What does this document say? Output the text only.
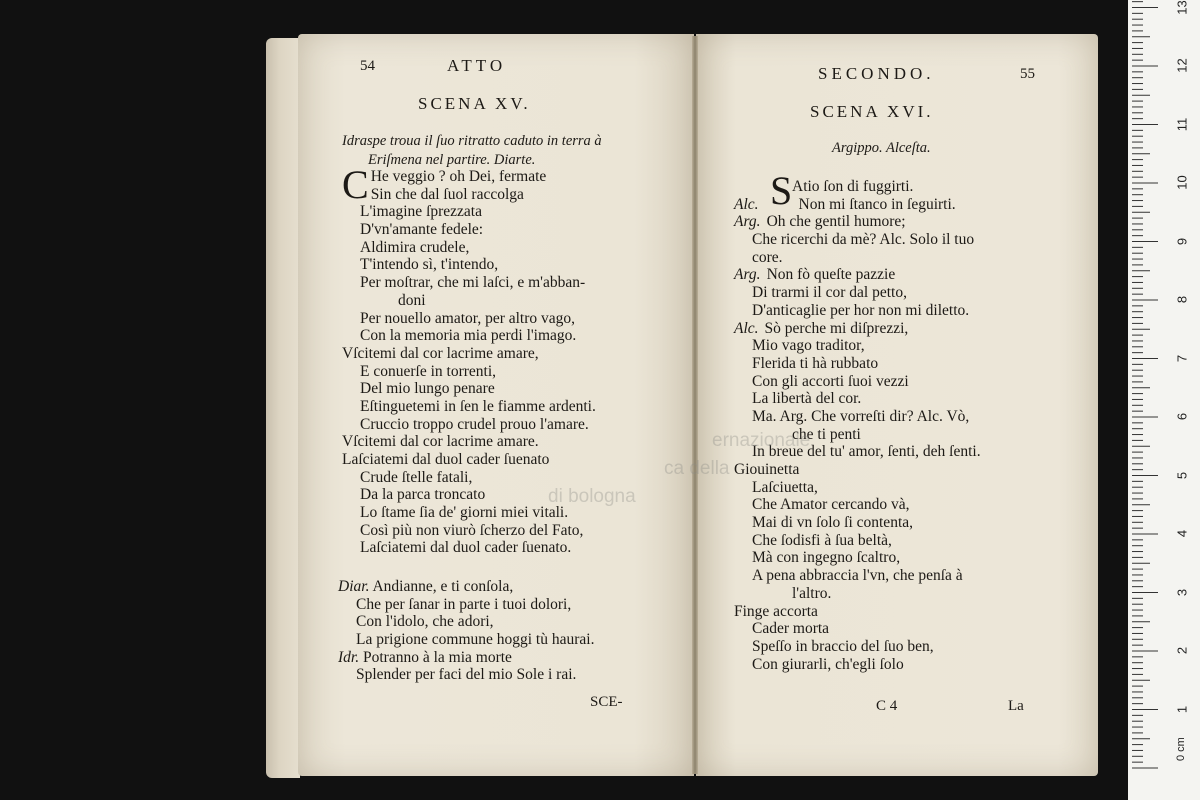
54	ATTO
SCENA XV.
Idraspe troua il ſuo ritratto caduto in terra à
Eriſmena nel partire. Diarte.
C He veggio ? oh Dei, fermate
Sin che dal ſuol raccolga
L'imagine ſprezzata
D'vn'amante fedele:
Aldimira crudele,
T'intendo sì, t'intendo,
Per moſtrar, che mi laſci, e m'abban-
doni
Per nouello amator, per altro vago,
Con la memoria mia perdi l'imago.
Vſcitemi dal cor lacrime amare,
E conuerſe in torrenti,
Del mio lungo penare
Eſtinguetemi in ſen le fiamme ardenti.
Cruccio troppo crudel prouo l'amare.
Vſcitemi dal cor lacrime amare.
Laſciatemi dal duol cader ſuenato
Crude ſtelle fatali,
Da la parca troncato
Lo ſtame ſia de' giorni miei vitali.
Così più non viurò ſcherzo del Fato,
Laſciatemi dal duol cader ſuenato.
Diar. Andianne, e ti conſola,
Che per ſanar in parte i tuoi dolori,
Con l'idolo, che adori,
La prigione commune hoggi tù haurai.
Idr. Potranno à la mia morte
Splender per faci del mio Sole i rai.
SCE-
SECONDO.	55
SCENA XVI.
Argippo. Alceſta.
S Atio ſon di fuggirti.
Alc.	Non mi ſtanco in ſeguirti.
Arg. Oh che gentil humore;
Che ricerchi da mè? Alc. Solo il tuo
core.
Arg. Non fò queſte pazzie
Di trarmi il cor dal petto,
D'anticaglie per hor non mi diletto.
Alc. Sò perche mi diſprezzi,
Mio vago traditor,
Flerida ti hà rubbato
Con gli accorti ſuoi vezzi
La libertà del cor.
Ma. Arg. Che vorreſti dir? Alc. Vò,
che ti penti
In breue del tu' amor, ſenti, deh ſenti.
Giouinetta
Laſciuetta,
Che Amator cercando và,
Mai di vn ſolo ſi contenta,
Che ſodisfi à ſua beltà,
Mà con ingegno ſcaltro,
A pena abbraccia l'vn, che penſa à
l'altro.
Finge accorta
Cader morta
Speſſo in braccio del ſuo ben,
Con giurarli, ch'egli ſolo
C 4	La
ernazionale
ca della
di bologna
1
2
3
4
5
6
7
8
9
10
11
12
13
0 cm
